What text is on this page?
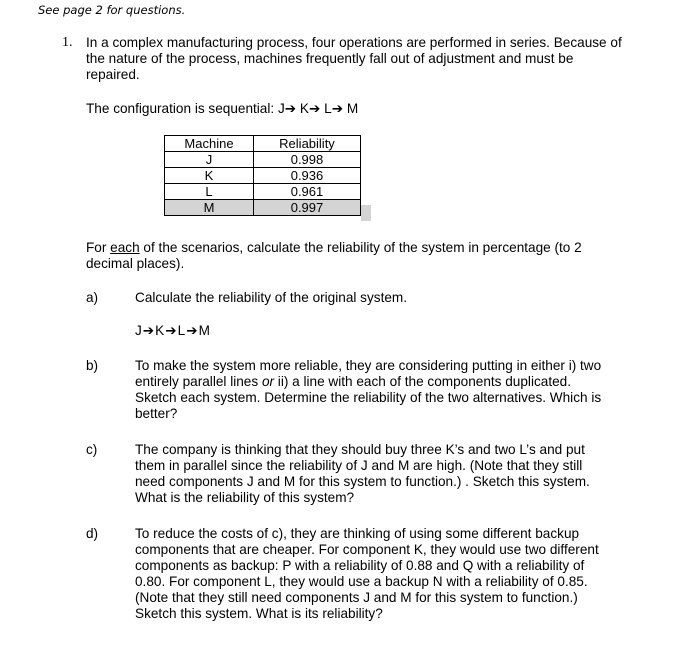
See page 2 for questions.
1. In a complex manufacturing process, four operations are performed in series. Because of the nature of the process, machines frequently fall out of adjustment and must be repaired.
The configuration is sequential: J➔ K➔ L➔ M
Machine	Reliability
J	0.998
K	0.936
L	0.961
M	0.997
For each of the scenarios, calculate the reliability of the system in percentage (to 2 decimal places).
a)	Calculate the reliability of the original system.
J➔K➔L➔M
b)	To make the system more reliable, they are considering putting in either i) two entirely parallel lines or ii) a line with each of the components duplicated. Sketch each system. Determine the reliability of the two alternatives. Which is better?
c)	The company is thinking that they should buy three K’s and two L’s and put them in parallel since the reliability of J and M are high. (Note that they still need components J and M for this system to function.) . Sketch this system. What is the reliability of this system?
d)	To reduce the costs of c), they are thinking of using some different backup components that are cheaper. For component K, they would use two different components as backup: P with a reliability of 0.88 and Q with a reliability of 0.80. For component L, they would use a backup N with a reliability of 0.85. (Note that they still need components J and M for this system to function.) Sketch this system. What is its reliability?
